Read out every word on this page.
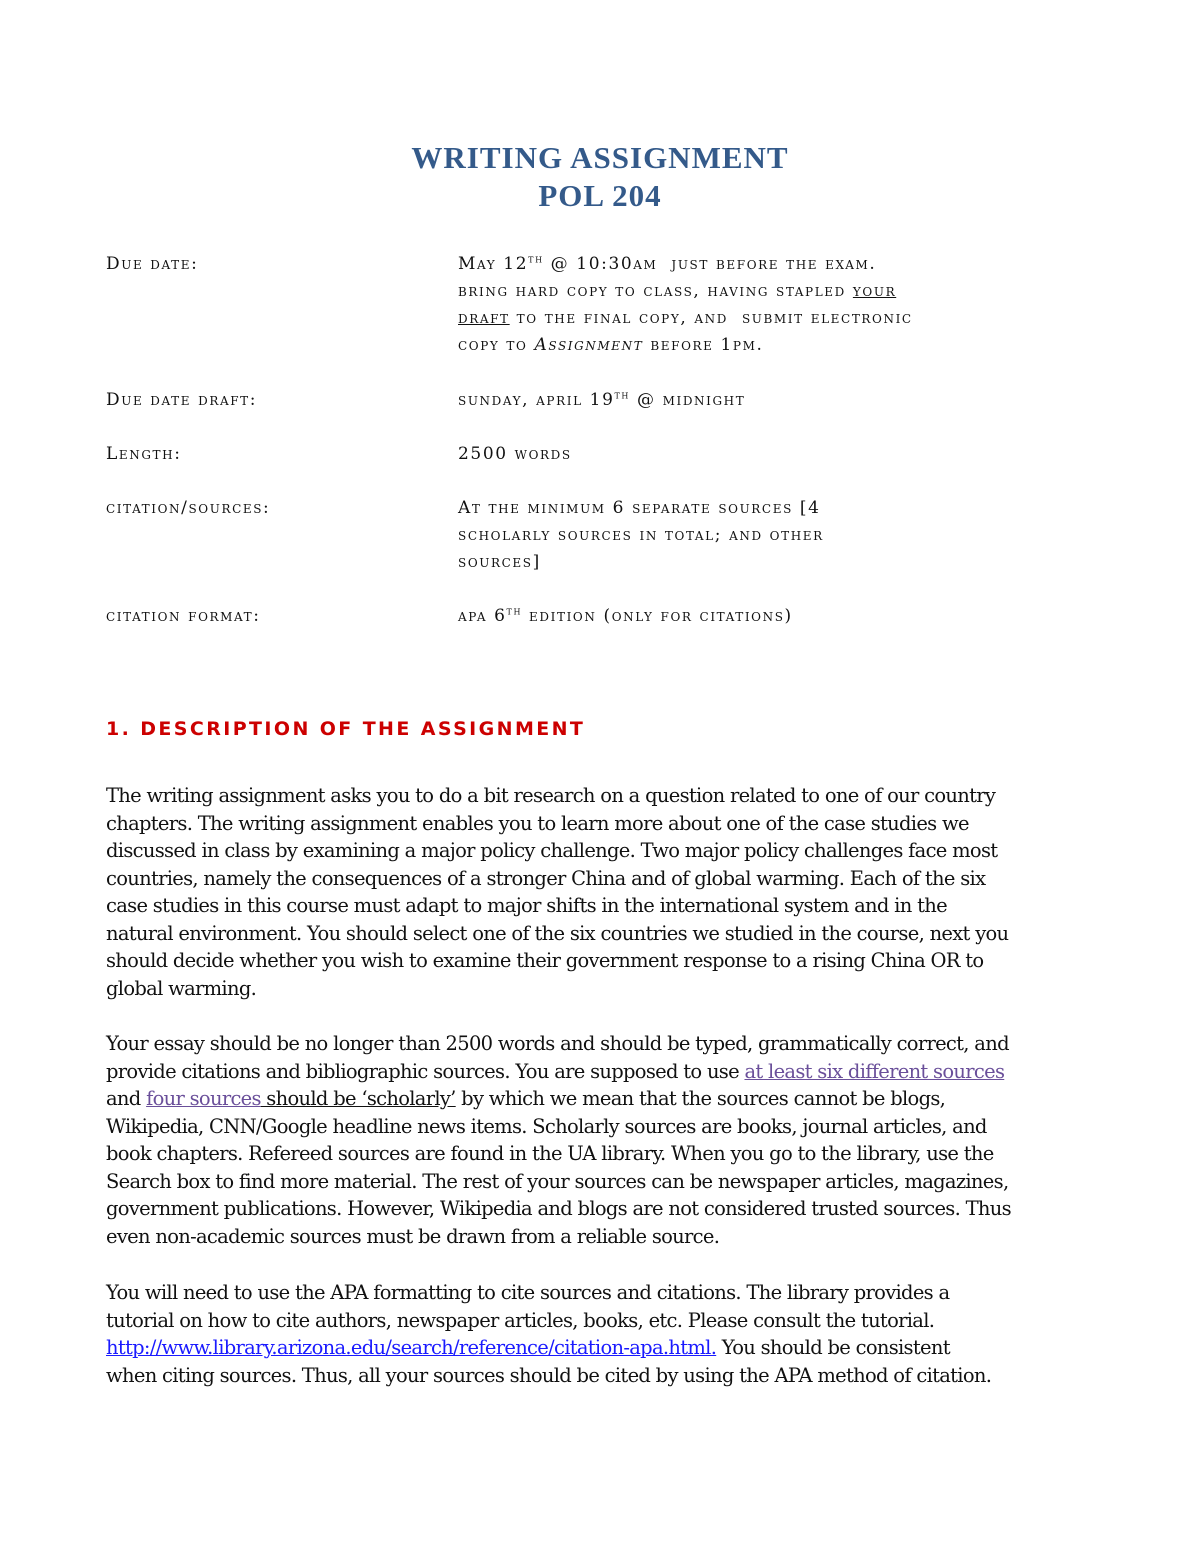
WRITING ASSIGNMENT
POL 204
Due date:	May 12th @ 10:30am  just before the exam.
bring hard copy to class, having stapled your
draft to the final copy, and  submit electronic
copy to Assignment before 1pm.
Due date draft:	sunday, april 19th @ midnight
Length:	2500 words
citation/sources:	At the minimum 6 separate sources [4
scholarly sources in total; and other
sources]
citation format:	apa 6th edition (only for citations)
1. DESCRIPTION OF THE ASSIGNMENT

The writing assignment asks you to do a bit research on a question related to one of our country
chapters. The writing assignment enables you to learn more about one of the case studies we
discussed in class by examining a major policy challenge. Two major policy challenges face most
countries, namely the consequences of a stronger China and of global warming. Each of the six
case studies in this course must adapt to major shifts in the international system and in the
natural environment. You should select one of the six countries we studied in the course, next you
should decide whether you wish to examine their government response to a rising China OR to
global warming.

Your essay should be no longer than 2500 words and should be typed, grammatically correct, and
provide citations and bibliographic sources. You are supposed to use at least six different sources
and four sources should be ‘scholarly’ by which we mean that the sources cannot be blogs,
Wikipedia, CNN/Google headline news items. Scholarly sources are books, journal articles, and
book chapters. Refereed sources are found in the UA library. When you go to the library, use the
Search box to find more material. The rest of your sources can be newspaper articles, magazines,
government publications. However, Wikipedia and blogs are not considered trusted sources. Thus
even non-academic sources must be drawn from a reliable source.

You will need to use the APA formatting to cite sources and citations. The library provides a
tutorial on how to cite authors, newspaper articles, books, etc. Please consult the tutorial.
http://www.library.arizona.edu/search/reference/citation-apa.html. You should be consistent
when citing sources. Thus, all your sources should be cited by using the APA method of citation.
